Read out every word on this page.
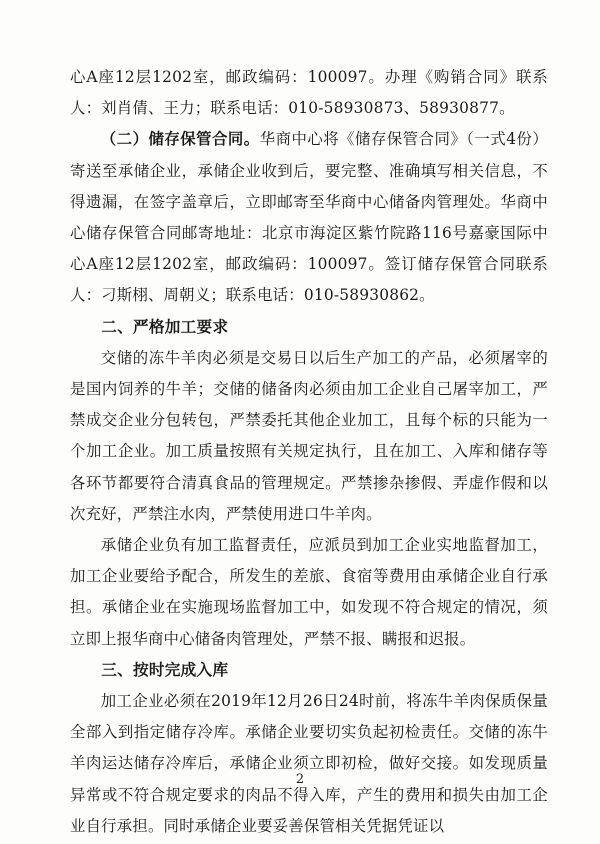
心A座12层1202室，邮政编码：100097。办理《购销合同》联系人：刘肖倩、王力；联系电话：010-58930873、58930877。

（二）储存保管合同。华商中心将《储存保管合同》（一式4份）寄送至承储企业，承储企业收到后，要完整、准确填写相关信息，不得遗漏，在签字盖章后，立即邮寄至华商中心储备肉管理处。华商中心储存保管合同邮寄地址：北京市海淀区紫竹院路116号嘉豪国际中心A座12层1202室，邮政编码：100097。签订储存保管合同联系人：刁斯栩、周朝义；联系电话：010-58930862。

二、严格加工要求

交储的冻牛羊肉必须是交易日以后生产加工的产品，必须屠宰的是国内饲养的牛羊；交储的储备肉必须由加工企业自己屠宰加工，严禁成交企业分包转包，严禁委托其他企业加工，且每个标的只能为一个加工企业。加工质量按照有关规定执行，且在加工、入库和储存等各环节都要符合清真食品的管理规定。严禁掺杂掺假、弄虚作假和以次充好，严禁注水肉，严禁使用进口牛羊肉。

承储企业负有加工监督责任，应派员到加工企业实地监督加工，加工企业要给予配合，所发生的差旅、食宿等费用由承储企业自行承担。承储企业在实施现场监督加工中，如发现不符合规定的情况，须立即上报华商中心储备肉管理处，严禁不报、瞒报和迟报。

三、按时完成入库

加工企业必须在2019年12月26日24时前，将冻牛羊肉保质保量全部入到指定储存冷库。承储企业要切实负起初检责任。交储的冻牛羊肉运达储存冷库后，承储企业须立即初检，做好交接。如发现质量异常或不符合规定要求的肉品不得入库，产生的费用和损失由加工企业自行承担。同时承储企业要妥善保管相关凭据凭证以

2
